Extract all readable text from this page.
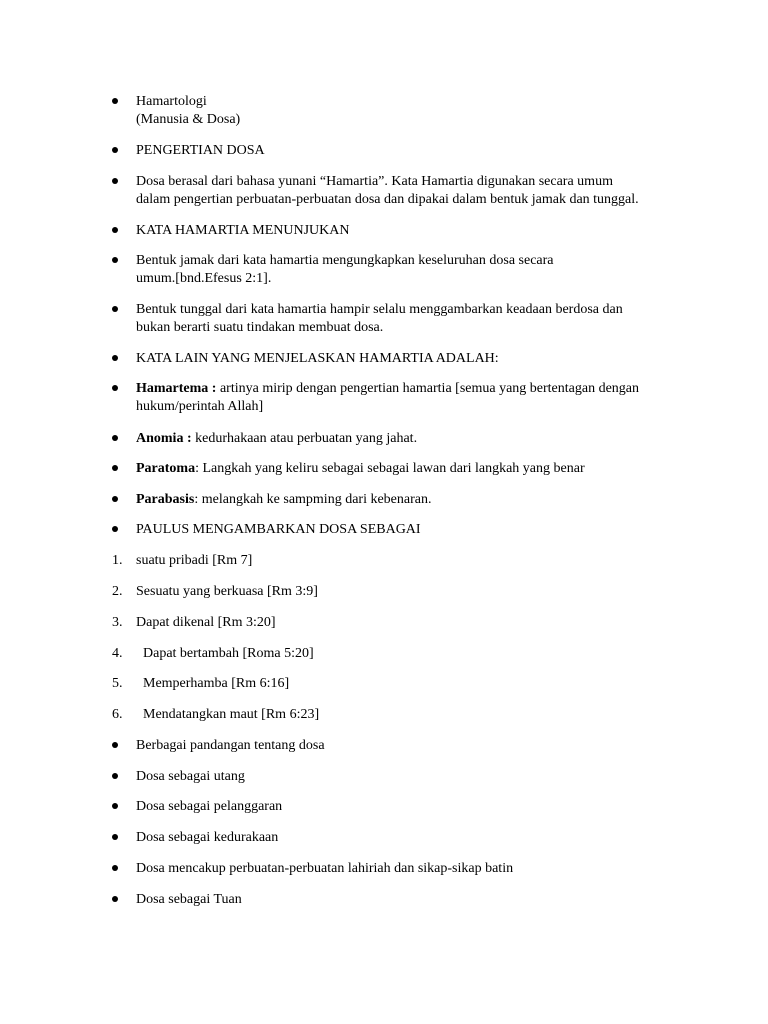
Hamartologi
(Manusia & Dosa)
PENGERTIAN DOSA
Dosa berasal dari bahasa yunani “Hamartia”. Kata Hamartia digunakan secara umum
dalam pengertian perbuatan-perbuatan dosa dan dipakai dalam bentuk jamak dan tunggal.
KATA HAMARTIA MENUNJUKAN
Bentuk jamak dari kata hamartia mengungkapkan keseluruhan dosa secara
umum.[bnd.Efesus 2:1].
Bentuk tunggal dari kata hamartia hampir selalu menggambarkan keadaan berdosa dan
bukan berarti suatu tindakan membuat dosa.
KATA LAIN YANG MENJELASKAN HAMARTIA ADALAH:
Hamartema : artinya mirip dengan pengertian hamartia [semua yang bertentagan dengan
hukum/perintah Allah]
Anomia : kedurhakaan atau perbuatan yang jahat.
Paratoma: Langkah yang keliru sebagai sebagai lawan dari langkah yang benar
Parabasis: melangkah ke sampming dari kebenaran.
PAULUS MENGAMBARKAN DOSA SEBAGAI
1. suatu pribadi [Rm 7]
2. Sesuatu yang berkuasa [Rm 3:9]
3. Dapat dikenal [Rm 3:20]
4.	Dapat bertambah [Roma 5:20]
5.	Memperhamba [Rm 6:16]
6.	Mendatangkan maut [Rm 6:23]
Berbagai pandangan tentang dosa
Dosa sebagai utang
Dosa sebagai pelanggaran
Dosa sebagai kedurakaan
Dosa mencakup perbuatan-perbuatan lahiriah dan sikap-sikap batin
Dosa sebagai Tuan
